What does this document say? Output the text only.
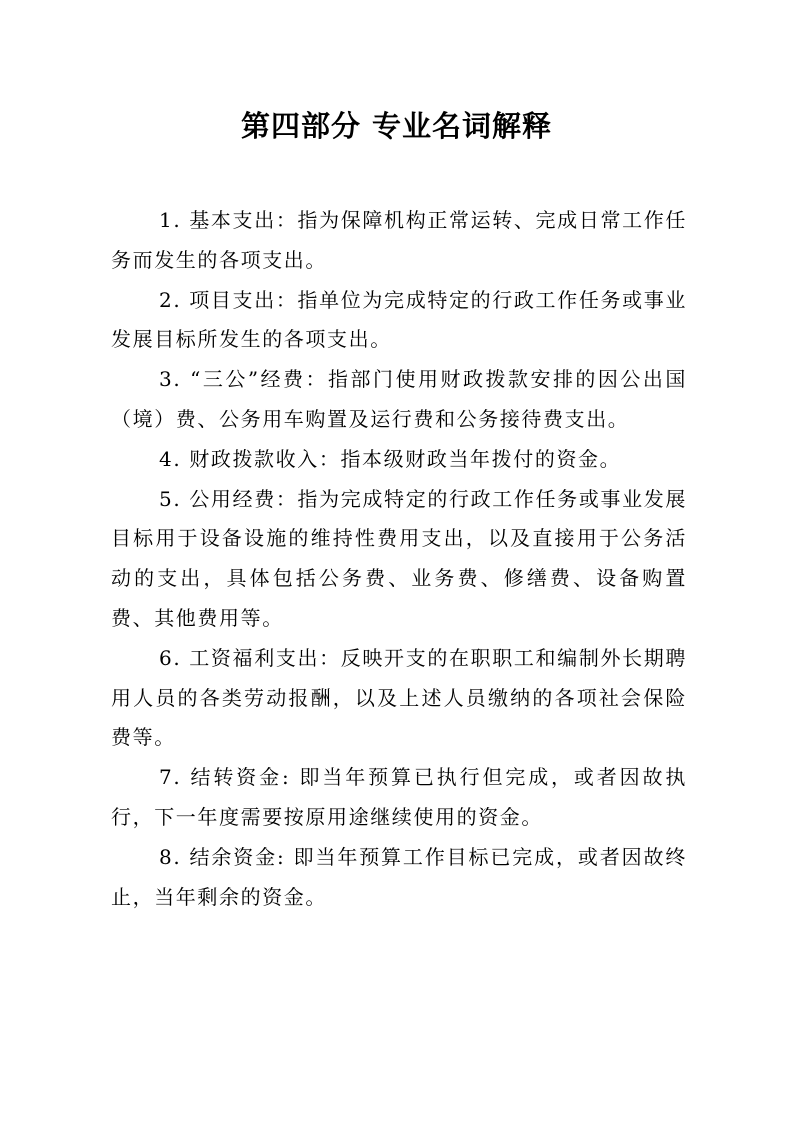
第四部分 专业名词解释

1. 基本支出：指为保障机构正常运转、完成日常工作任务而发生的各项支出。

2. 项目支出：指单位为完成特定的行政工作任务或事业发展目标所发生的各项支出。

3. “三公”经费：指部门使用财政拨款安排的因公出国（境）费、公务用车购置及运行费和公务接待费支出。

4. 财政拨款收入：指本级财政当年拨付的资金。

5. 公用经费：指为完成特定的行政工作任务或事业发展目标用于设备设施的维持性费用支出，以及直接用于公务活动的支出，具体包括公务费、业务费、修缮费、设备购置费、其他费用等。

6. 工资福利支出：反映开支的在职职工和编制外长期聘用人员的各类劳动报酬，以及上述人员缴纳的各项社会保险费等。

7. 结转资金: 即当年预算已执行但完成，或者因故执行，下一年度需要按原用途继续使用的资金。

8. 结余资金: 即当年预算工作目标已完成，或者因故终止，当年剩余的资金。
